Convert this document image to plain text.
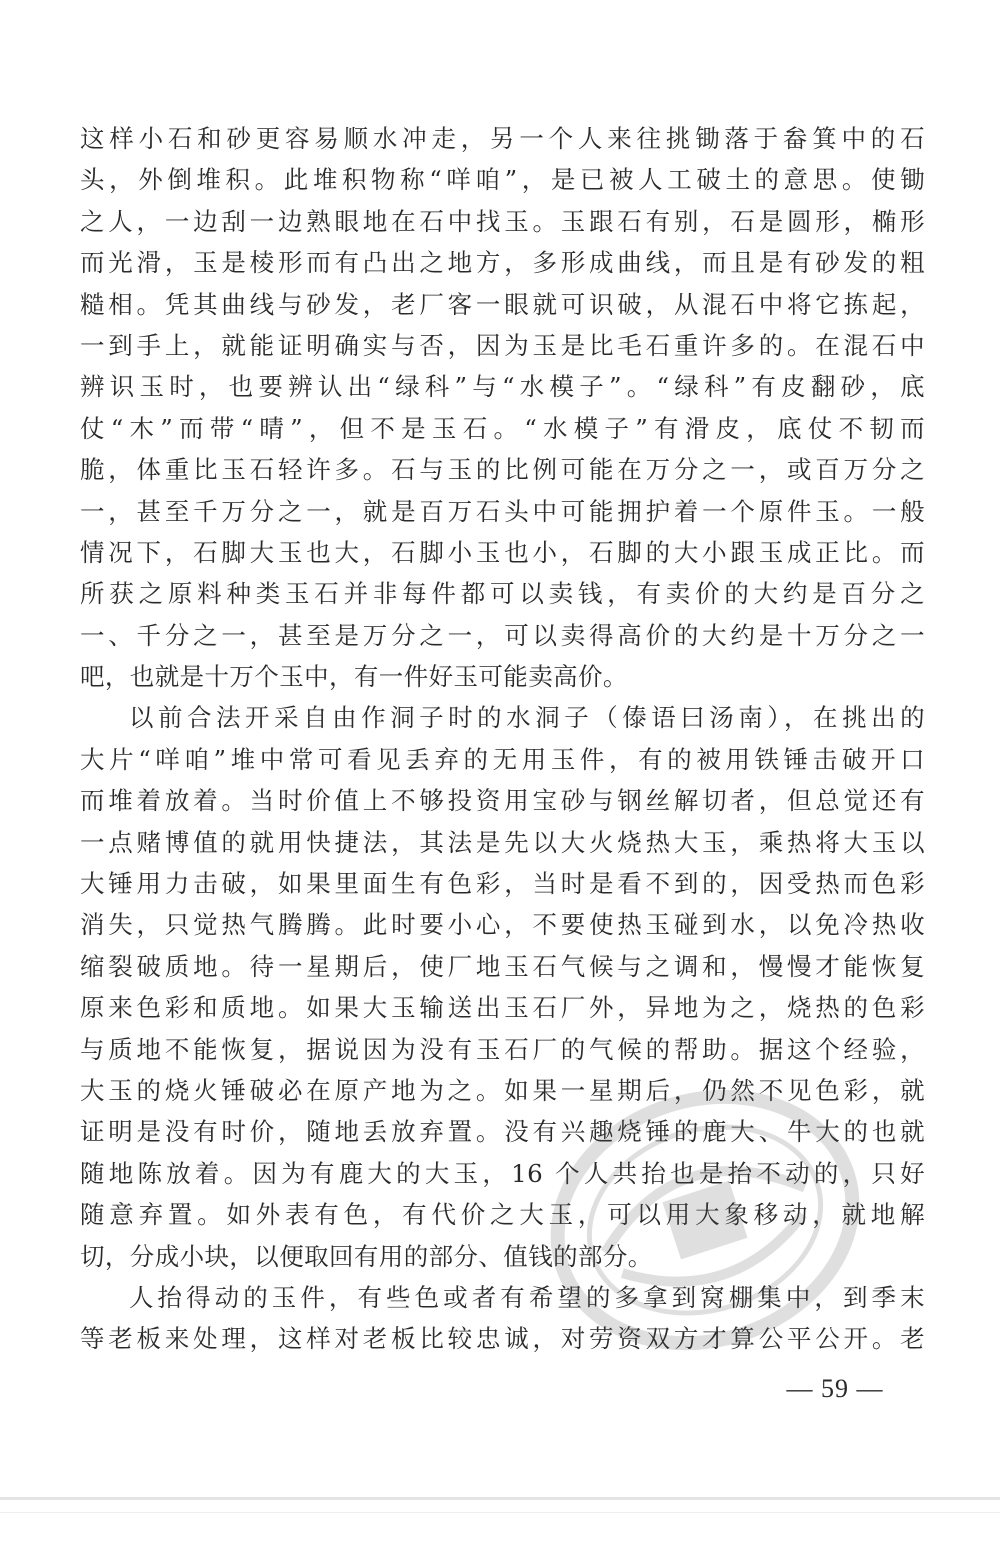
这样小石和砂更容易顺水冲走，另一个人来往挑锄落于畚箕中的石
头，外倒堆积。此堆积物称“咩咱”，是已被人工破土的意思。使锄
之人，一边刮一边熟眼地在石中找玉。玉跟石有别，石是圆形，椭形
而光滑，玉是棱形而有凸出之地方，多形成曲线，而且是有砂发的粗
糙相。凭其曲线与砂发，老厂客一眼就可识破，从混石中将它拣起，
一到手上，就能证明确实与否，因为玉是比毛石重许多的。在混石中
辨识玉时，也要辨认出“绿科”与“水模子”。“绿科”有皮翻砂，底
仗“木”而带“晴”，但不是玉石。“水模子”有滑皮，底仗不韧而
脆，体重比玉石轻许多。石与玉的比例可能在万分之一，或百万分之
一，甚至千万分之一，就是百万石头中可能拥护着一个原件玉。一般
情况下，石脚大玉也大，石脚小玉也小，石脚的大小跟玉成正比。而
所获之原料种类玉石并非每件都可以卖钱，有卖价的大约是百分之
一、千分之一，甚至是万分之一，可以卖得高价的大约是十万分之一
吧，也就是十万个玉中，有一件好玉可能卖高价。
以前合法开采自由作洞子时的水洞子（傣语曰汤南），在挑出的
大片“咩咱”堆中常可看见丢弃的无用玉件，有的被用铁锤击破开口
而堆着放着。当时价值上不够投资用宝砂与钢丝解切者，但总觉还有
一点赌博值的就用快捷法，其法是先以大火烧热大玉，乘热将大玉以
大锤用力击破，如果里面生有色彩，当时是看不到的，因受热而色彩
消失，只觉热气腾腾。此时要小心，不要使热玉碰到水，以免冷热收
缩裂破质地。待一星期后，使厂地玉石气候与之调和，慢慢才能恢复
原来色彩和质地。如果大玉输送出玉石厂外，异地为之，烧热的色彩
与质地不能恢复，据说因为没有玉石厂的气候的帮助。据这个经验，
大玉的烧火锤破必在原产地为之。如果一星期后，仍然不见色彩，就
证明是没有时价，随地丢放弃置。没有兴趣烧锤的鹿大、牛大的也就
随地陈放着。因为有鹿大的大玉，16 个人共抬也是抬不动的，只好
随意弃置。如外表有色，有代价之大玉，可以用大象移动，就地解
切，分成小块，以便取回有用的部分、值钱的部分。
人抬得动的玉件，有些色或者有希望的多拿到窝棚集中，到季末
等老板来处理，这样对老板比较忠诚，对劳资双方才算公平公开。老
— 59 —
